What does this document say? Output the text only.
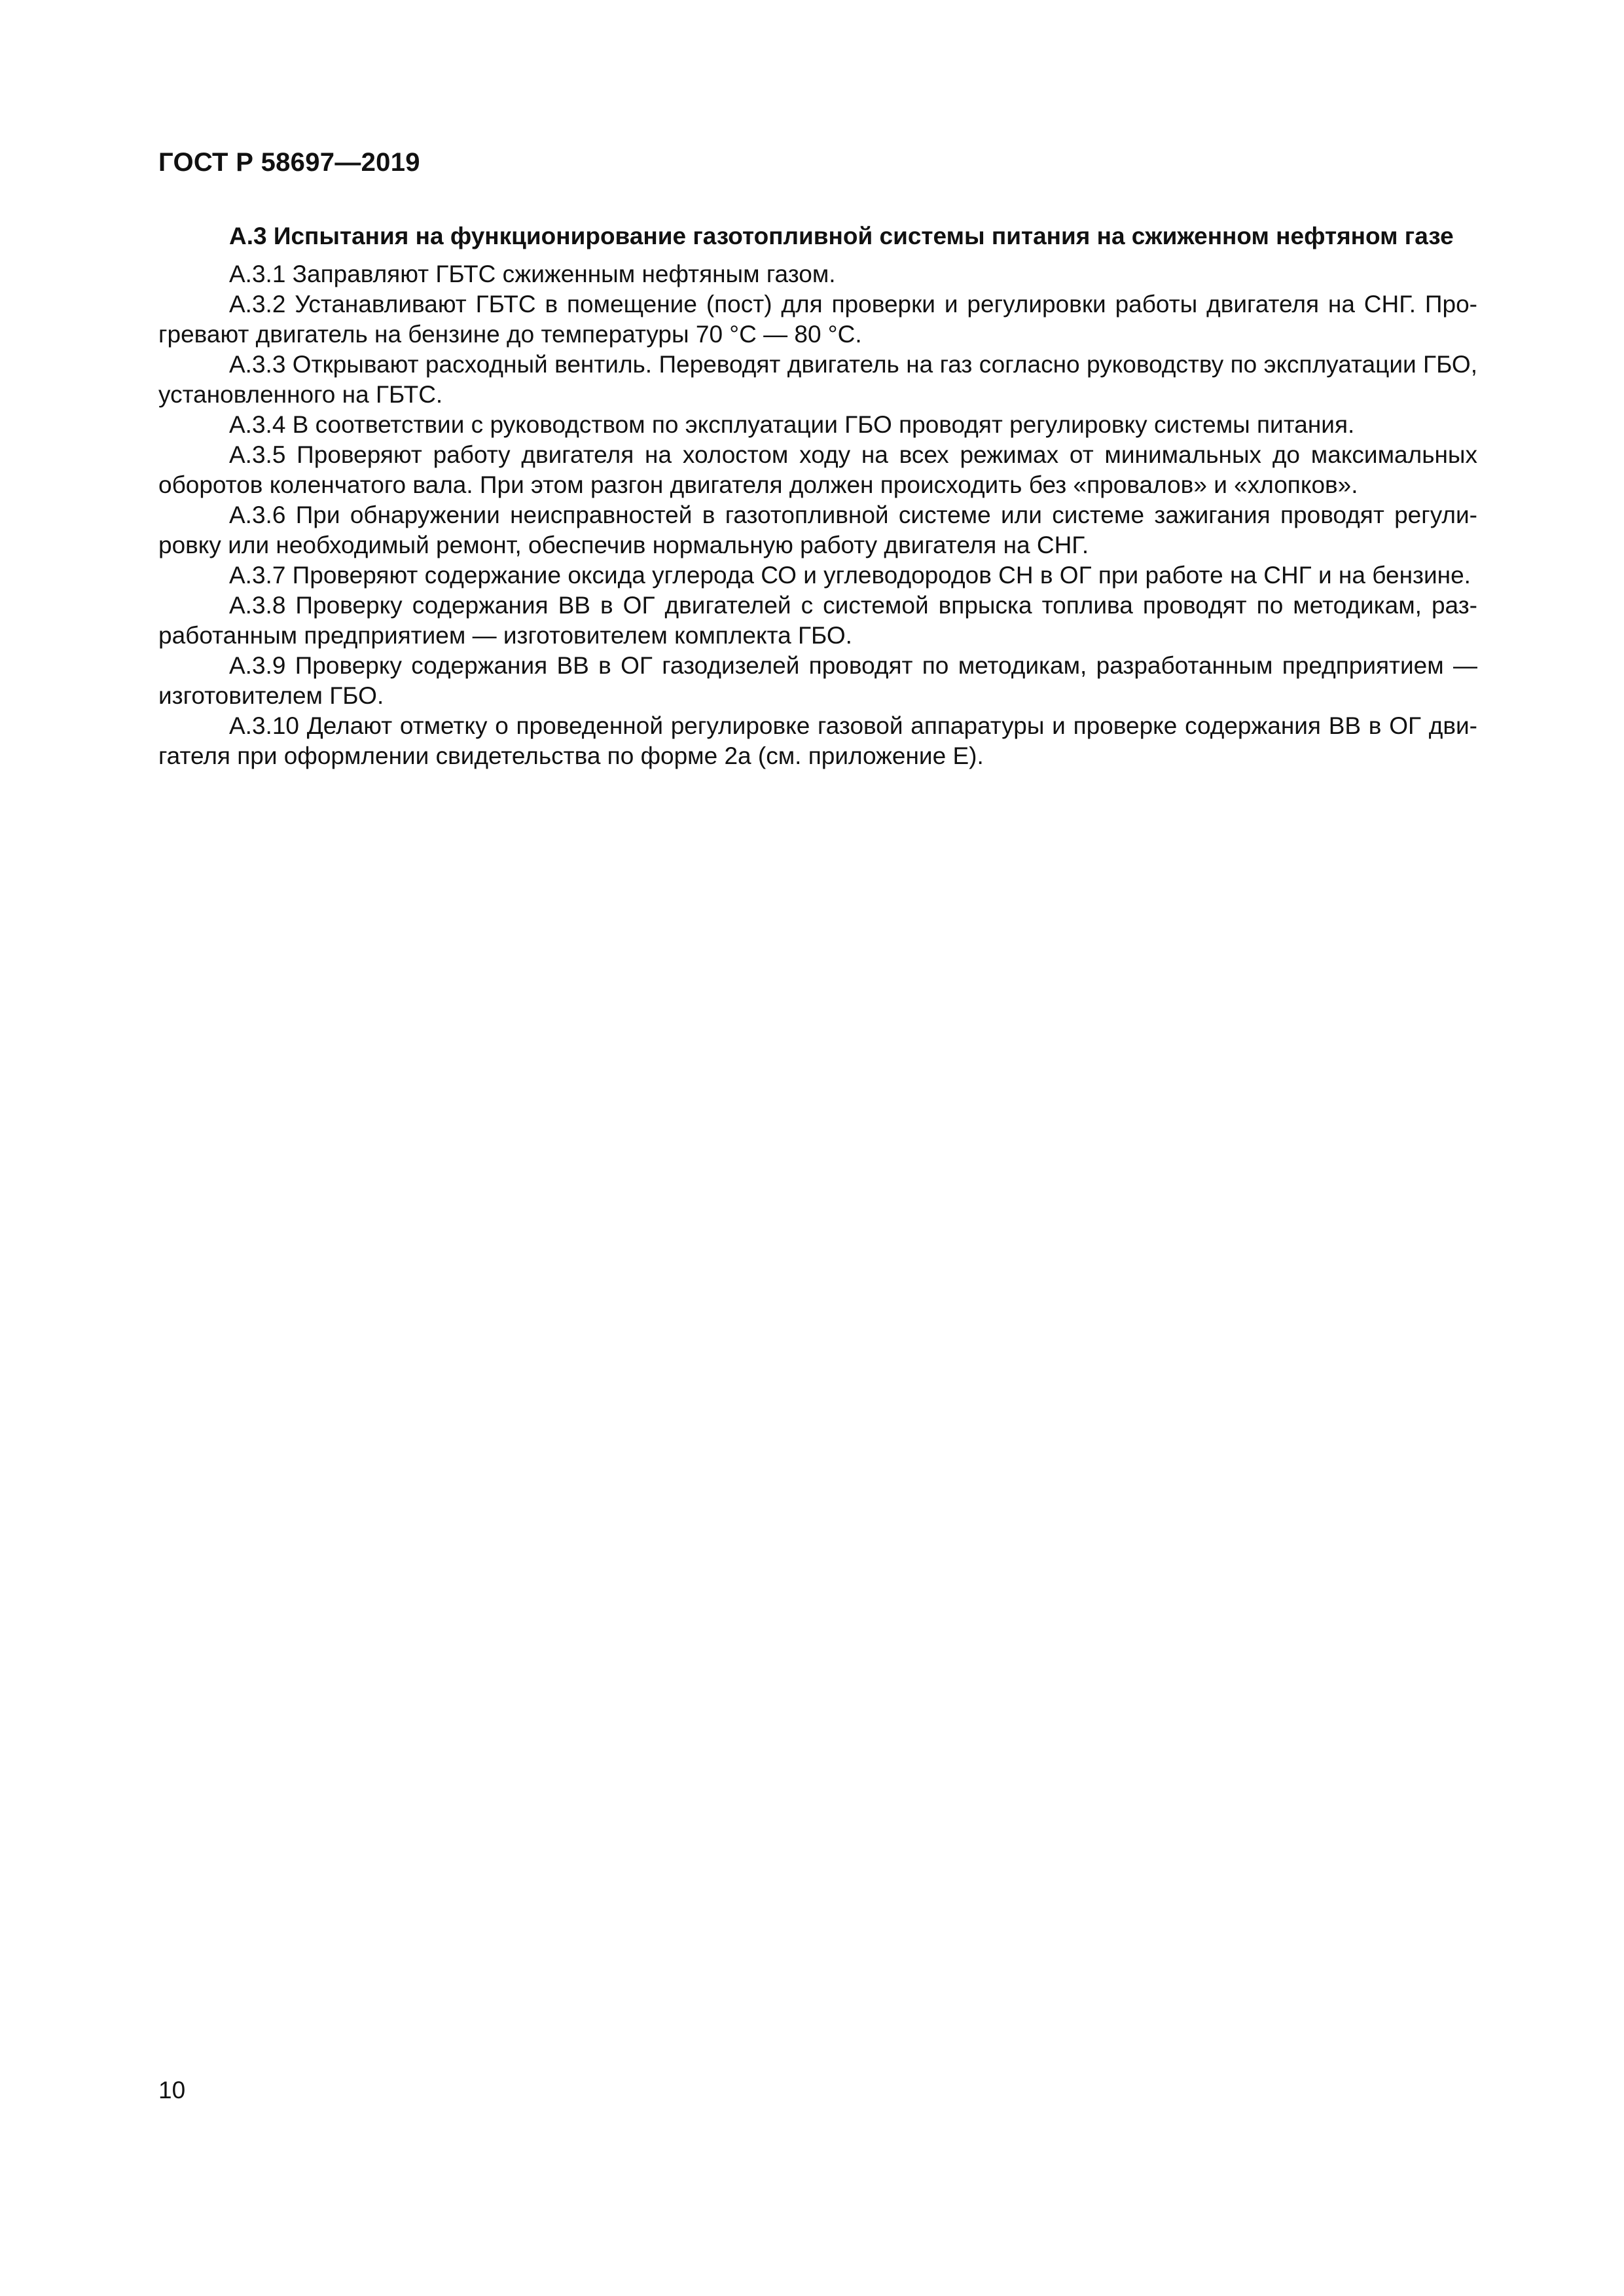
ГОСТ Р 58697—2019
А.3 Испытания на функционирование газотопливной системы питания на сжиженном нефтяном газе

А.3.1 Заправляют ГБТС сжиженным нефтяным газом.

А.3.2 Устанавливают ГБТС в помещение (пост) для проверки и регулировки работы двигателя на СНГ. Прогревают двигатель на бензине до температуры 70 °С — 80 °С.

А.3.3 Открывают расходный вентиль. Переводят двигатель на газ согласно руководству по эксплуатации ГБО, установленного на ГБТС.

А.3.4 В соответствии с руководством по эксплуатации ГБО проводят регулировку системы питания.

А.3.5 Проверяют работу двигателя на холостом ходу на всех режимах от минимальных до максимальных оборотов коленчатого вала. При этом разгон двигателя должен происходить без «провалов» и «хлопков».

А.3.6 При обнаружении неисправностей в газотопливной системе или системе зажигания проводят регулировку или необходимый ремонт, обеспечив нормальную работу двигателя на СНГ.

А.3.7 Проверяют содержание оксида углерода СО и углеводородов СН в ОГ при работе на СНГ и на бензине.

А.3.8 Проверку содержания ВВ в ОГ двигателей с системой впрыска топлива проводят по методикам, разработанным предприятием — изготовителем комплекта ГБО.

А.3.9 Проверку содержания ВВ в ОГ газодизелей проводят по методикам, разработанным предприятием — изготовителем ГБО.

А.3.10 Делают отметку о проведенной регулировке газовой аппаратуры и проверке содержания ВВ в ОГ двигателя при оформлении свидетельства по форме 2а (см. приложение Е).

10
